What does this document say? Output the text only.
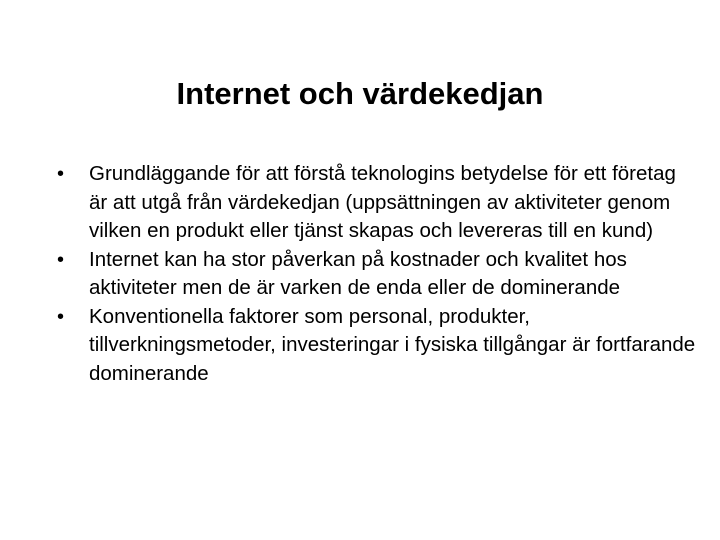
Internet och värdekedjan
•	Grundläggande för att förstå teknologins betydelse för ett företag är att utgå från värdekedjan (uppsättningen av aktiviteter genom vilken en produkt eller tjänst skapas och levereras till en kund)
•	Internet kan ha stor påverkan på kostnader och kvalitet hos aktiviteter men de är varken de enda eller de dominerande
•	Konventionella faktorer som personal, produkter, tillverkningsmetoder, investeringar i fysiska tillgångar är fortfarande dominerande
